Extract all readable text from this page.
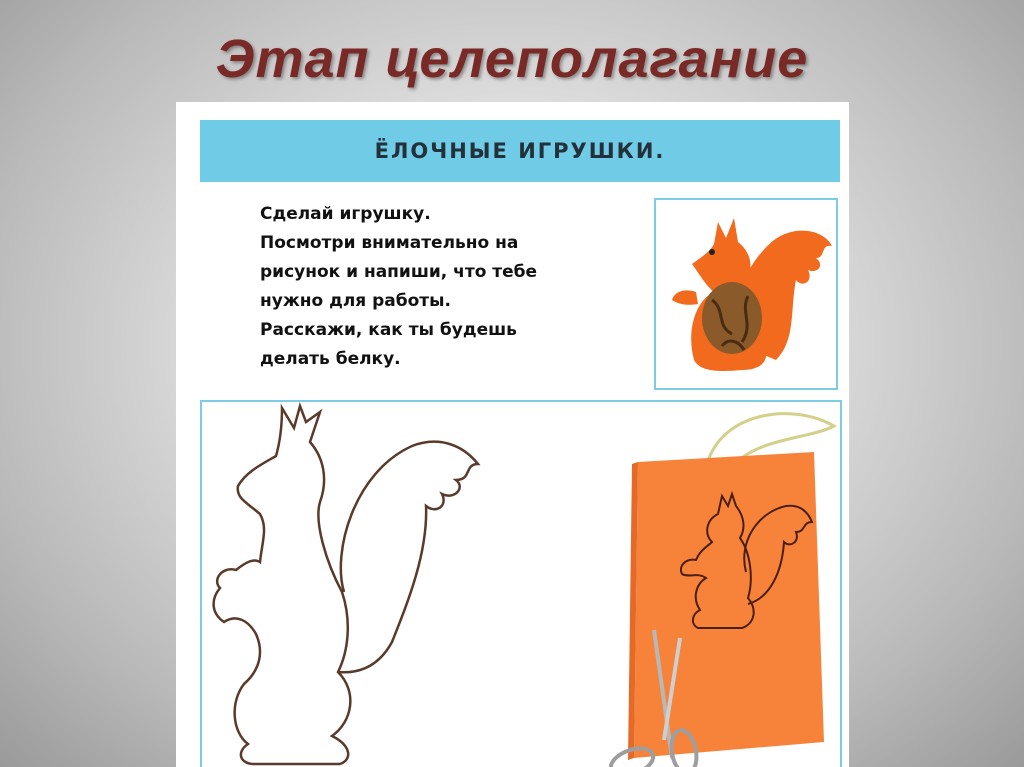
Этап целеполагание
ЁЛОЧНЫЕ ИГРУШКИ.
Сделай игрушку.
Посмотри внимательно на
рисунок и напиши, что тебе
нужно для работы.
Расскажи, как ты будешь
делать белку.
